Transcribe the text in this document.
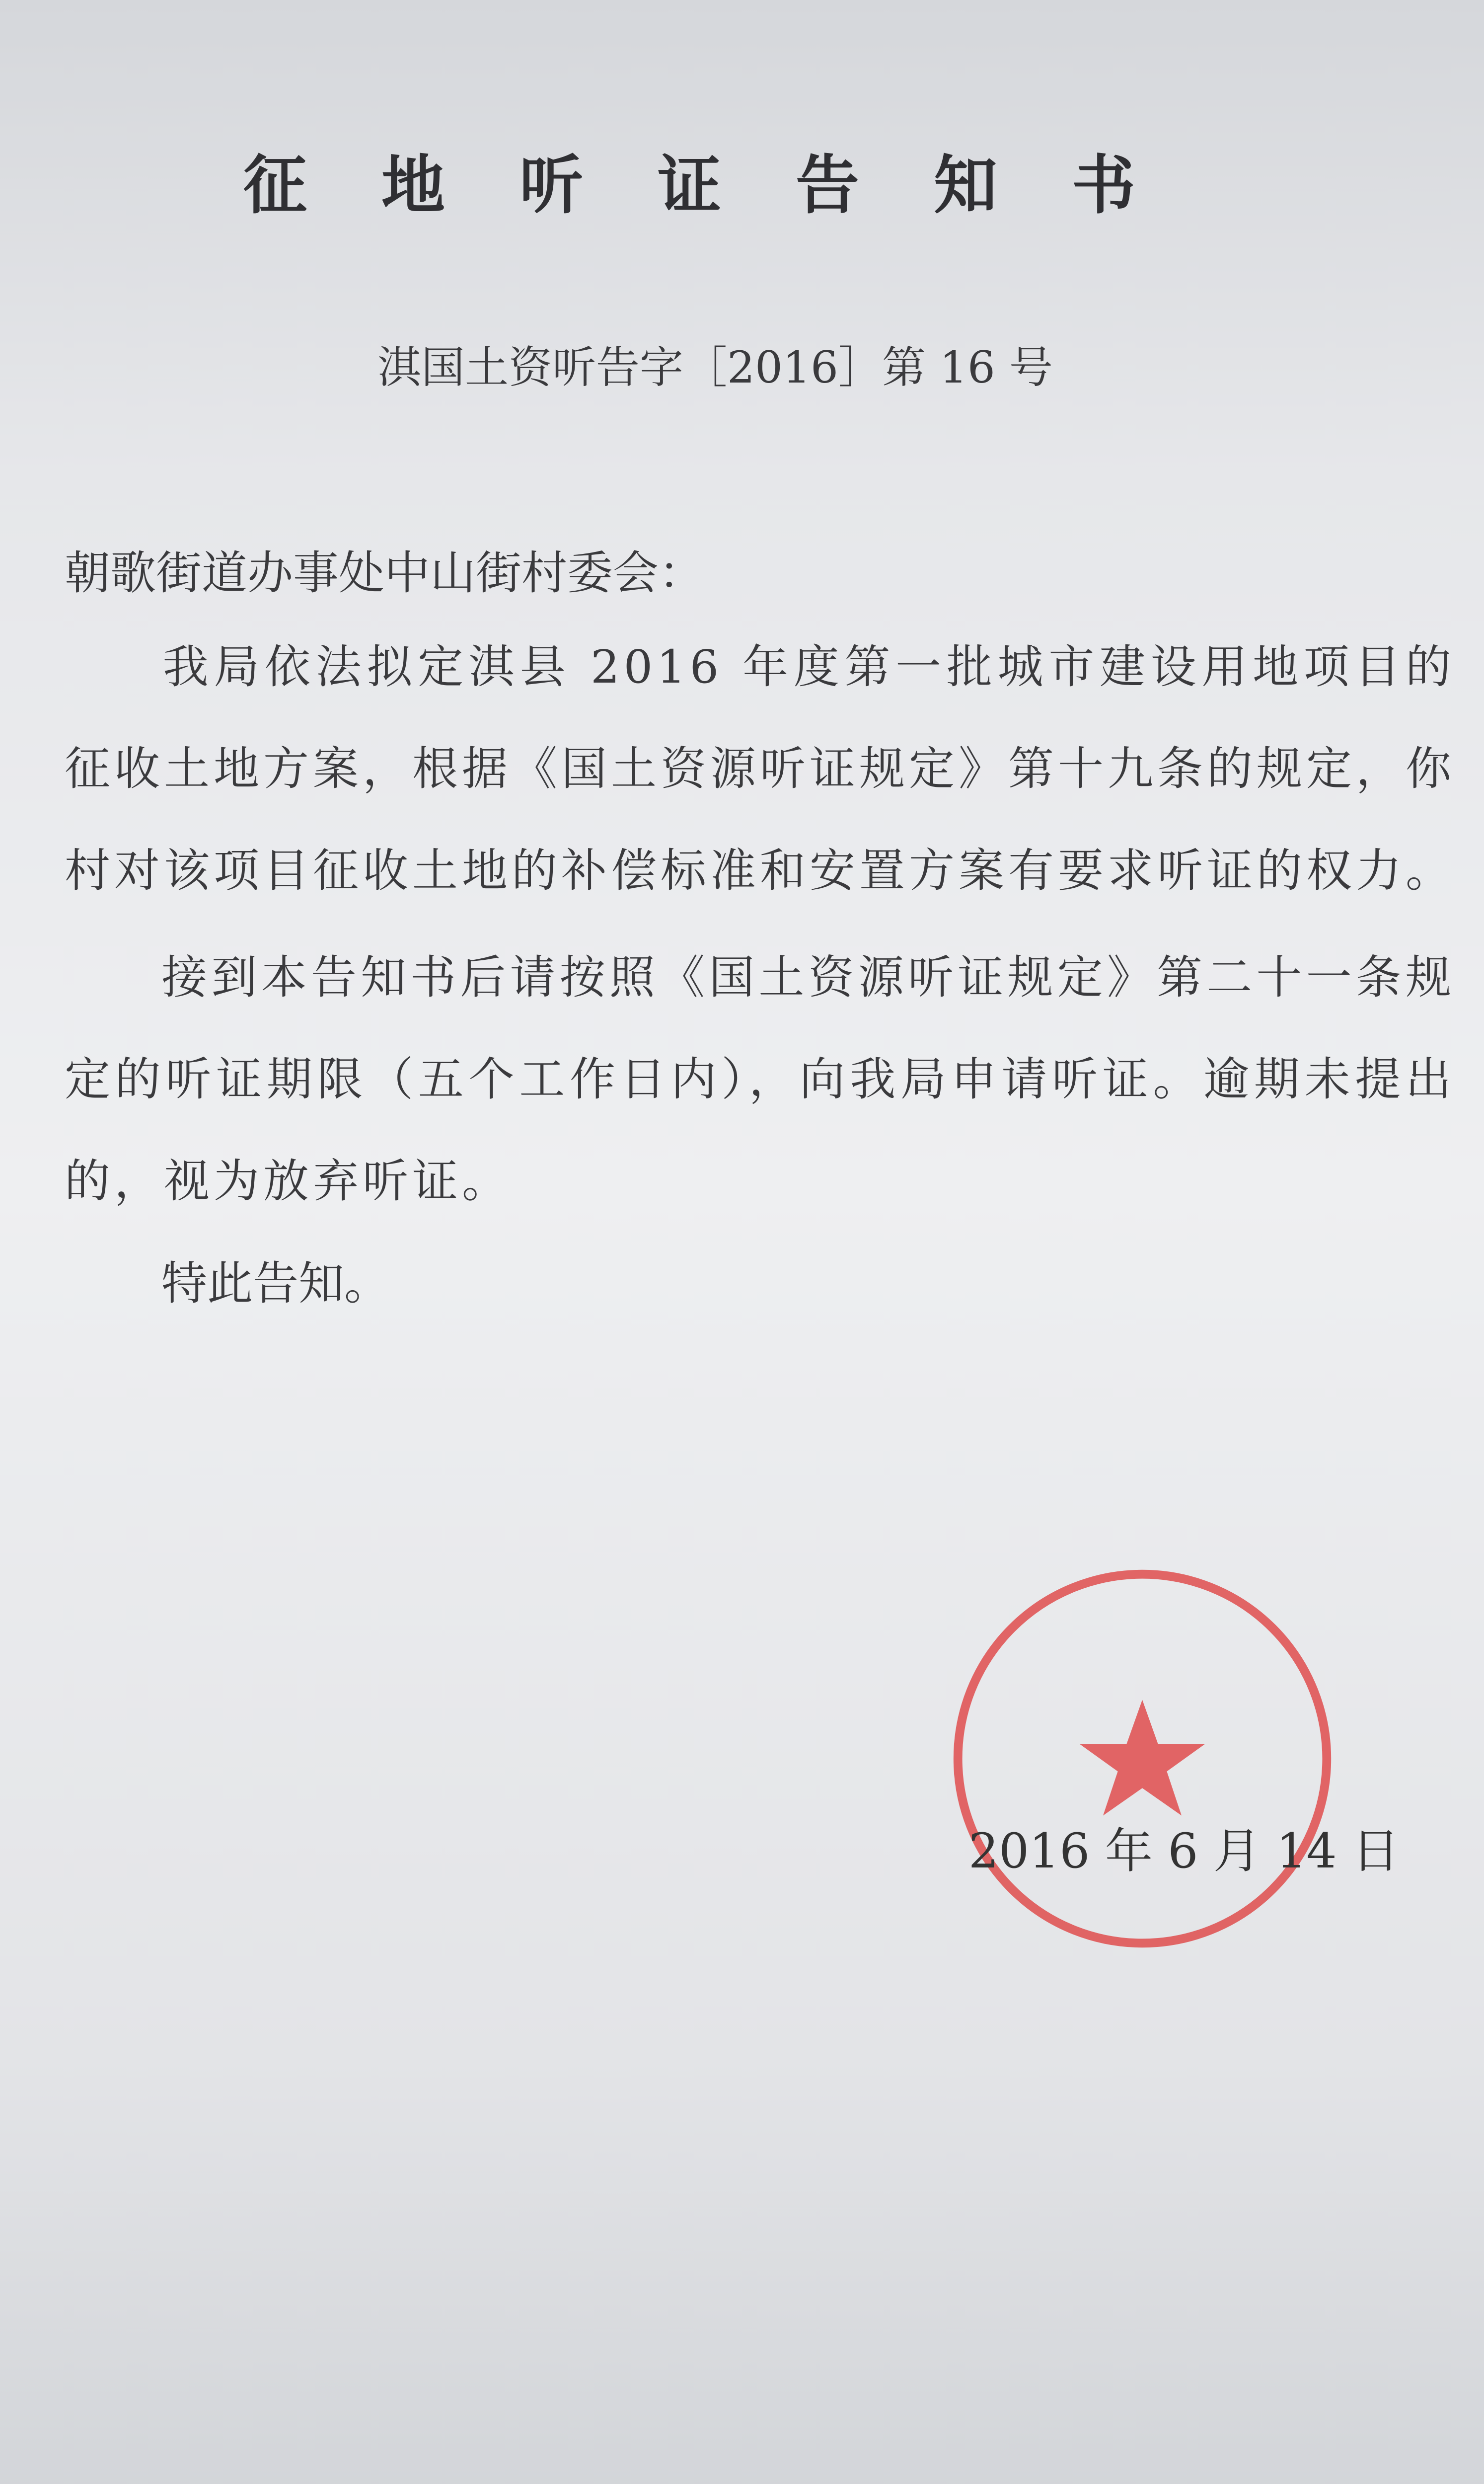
征地听证告知书
淇国土资听告字［2016］第 16 号
朝歌街道办事处中山街村委会：
我局依法拟定淇县 2016 年度第一批城市建设用地项目的征收土地方案，根据《国土资源听证规定》第十九条的规定，你村对该项目征收土地的补偿标准和安置方案有要求听证的权力。
接到本告知书后请按照《国土资源听证规定》第二十一条规定的听证期限（五个工作日内），向我局申请听证。逾期未提出的，视为放弃听证。
特此告知。
2016 年 6 月 14 日
